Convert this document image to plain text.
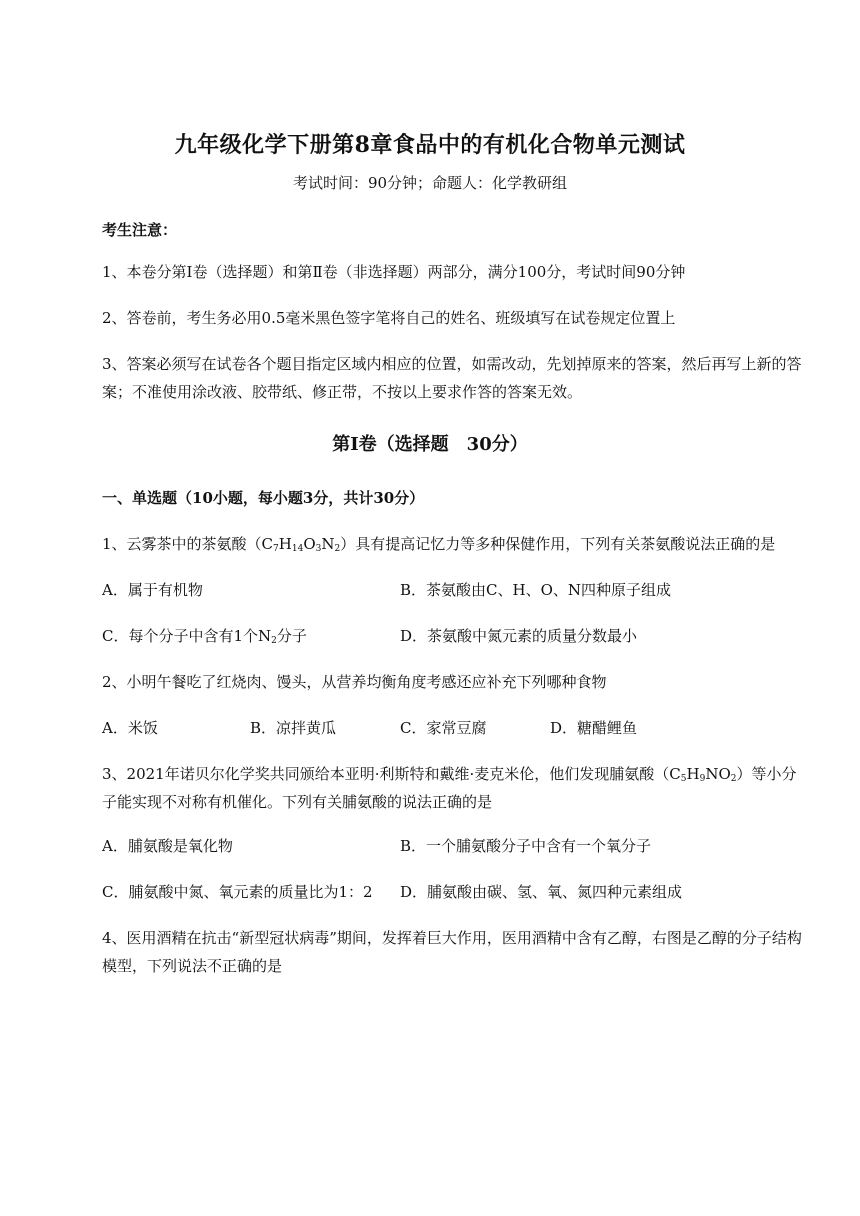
九年级化学下册第8章食品中的有机化合物单元测试
考试时间：90分钟；命题人：化学教研组
考生注意：
1、本卷分第Ⅰ卷（选择题）和第Ⅱ卷（非选择题）两部分，满分100分，考试时间90分钟
2、答卷前，考生务必用0.5毫米黑色签字笔将自己的姓名、班级填写在试卷规定位置上
3、答案必须写在试卷各个题目指定区域内相应的位置，如需改动，先划掉原来的答案，然后再写上新的答案；不准使用涂改液、胶带纸、修正带，不按以上要求作答的答案无效。
第Ⅰ卷（选择题　30分）
一、单选题（10小题，每小题3分，共计30分）
1、云雾茶中的茶氨酸$(C_7H_{14}O_3N_2)$具有提高记忆力等多种保健作用，下列有关茶氨酸说法正确的是
A．属于有机物	B．茶氨酸由C、H、O、N四种原子组成
C．每个分子中含有1个$N_2$分子	D．茶氨酸中氮元素的质量分数最小
2、小明午餐吃了红烧肉、馒头，从营养均衡角度考感还应补充下列哪种食物
A．米饭	B．凉拌黄瓜	C．家常豆腐	D．糖醋鲤鱼
3、2021年诺贝尔化学奖共同颁给本亚明·利斯特和戴维·麦克米伦，他们发现脯氨酸$(C_5H_9NO_2)$等小分子能实现不对称有机催化。下列有关脯氨酸的说法正确的是
A．脯氨酸是氧化物	B．一个脯氨酸分子中含有一个氧分子
C．脯氨酸中氮、氧元素的质量比为1：2 D．脯氨酸由碳、氢、氧、氮四种元素组成
4、医用酒精在抗击“新型冠状病毒”期间，发挥着巨大作用，医用酒精中含有乙醇，右图是乙醇的分子结构模型，下列说法不正确的是
